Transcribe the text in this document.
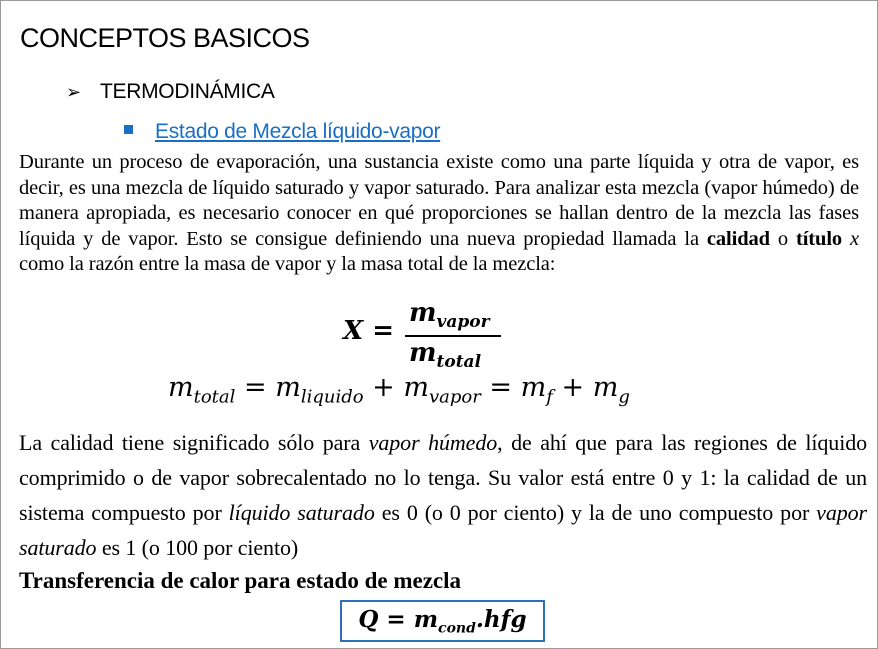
CONCEPTOS BASICOS
➢ TERMODINÁMICA
Estado de Mezcla líquido-vapor
Durante un proceso de evaporación, una sustancia existe como una parte líquida y otra de vapor, es decir, es una mezcla de líquido saturado y vapor saturado. Para analizar esta mezcla (vapor húmedo) de manera apropiada, es necesario conocer en qué proporciones se hallan dentro de la mezcla las fases líquida y de vapor. Esto se consigue definiendo una nueva propiedad llamada la calidad o título x como la razón entre la masa de vapor y la masa total de la mezcla:
X =
$m_{vapor}$
$m_{total}$
$m_{total} = m_{liquido} + m_{vapor} = m_f + m_g$
La calidad tiene significado sólo para vapor húmedo, de ahí que para las regiones de líquido comprimido o de vapor sobrecalentado no lo tenga. Su valor está entre 0 y 1: la calidad de un sistema compuesto por líquido saturado es 0 (o 0 por ciento) y la de uno compuesto por vapor saturado es 1 (o 100 por ciento)
Transferencia de calor para estado de mezcla
$Q = m_{cond}.hfg$
